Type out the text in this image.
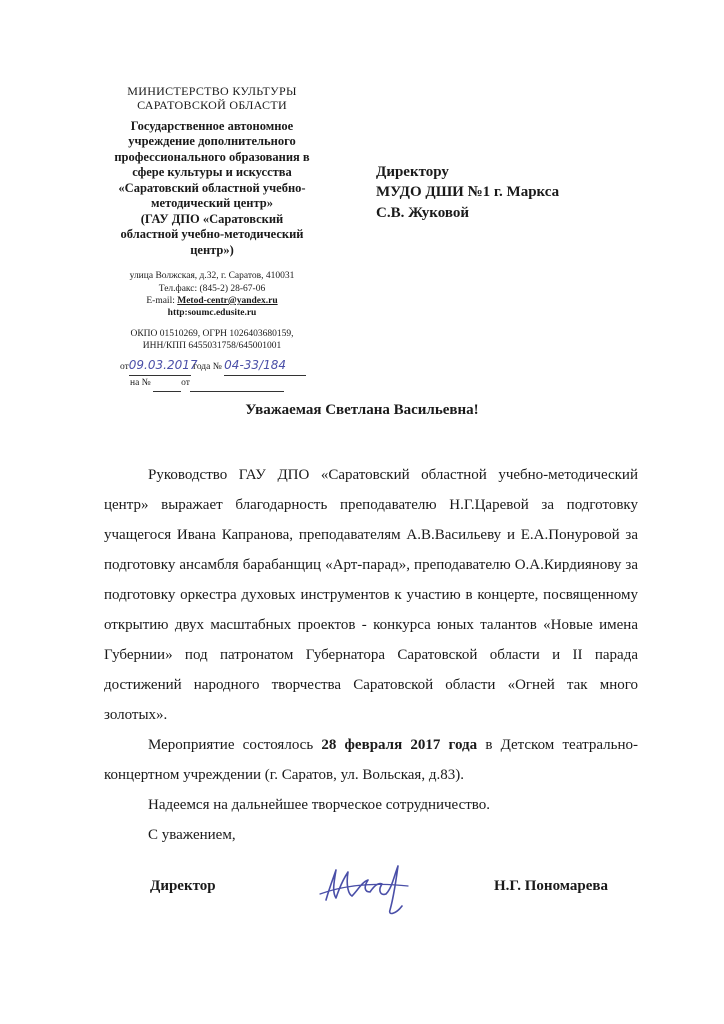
МИНИСТЕРСТВО КУЛЬТУРЫ
САРАТОВСКОЙ ОБЛАСТИ
Государственное автономное
учреждение дополнительного
профессионального образования в
сфере культуры и искусства
«Саратовский областной учебно-
методический центр»
(ГАУ ДПО «Саратовский
областной учебно-методический
центр»)
улица Волжская, д.32, г. Саратов, 410031
Тел.факс: (845-2) 28-67-06
E-mail: Metod-centr@yandex.ru
http:soumc.edusite.ru
ОКПО 01510269, ОГРН 1026403680159,
ИНН/КПП 6455031758/645001001
от09.03.2017 года № 04-33/184
на №	от
Директору
МУДО ДШИ №1 г. Маркса
С.В. Жуковой
Уважаемая Светлана Васильевна!

Руководство ГАУ ДПО «Саратовский областной учебно-методический центр» выражает благодарность преподавателю Н.Г.Царевой за подготовку учащегося Ивана Капранова, преподавателям А.В.Васильеву и Е.А.Понуровой за подготовку ансамбля барабанщиц «Арт-парад», преподавателю О.А.Кирдиянову за подготовку оркестра духовых инструментов к участию в концерте, посвященному открытию двух масштабных проектов - конкурса юных талантов «Новые имена Губернии» под патронатом Губернатора Саратовской области и II парада достижений народного творчества Саратовской области «Огней так много золотых».

Мероприятие состоялось 28 февраля 2017 года в Детском театрально-концертном учреждении (г. Саратов, ул. Вольская, д.83).

Надеемся на дальнейшее творческое сотрудничество.

С уважением,

Директор	Н.Г. Пономарева
